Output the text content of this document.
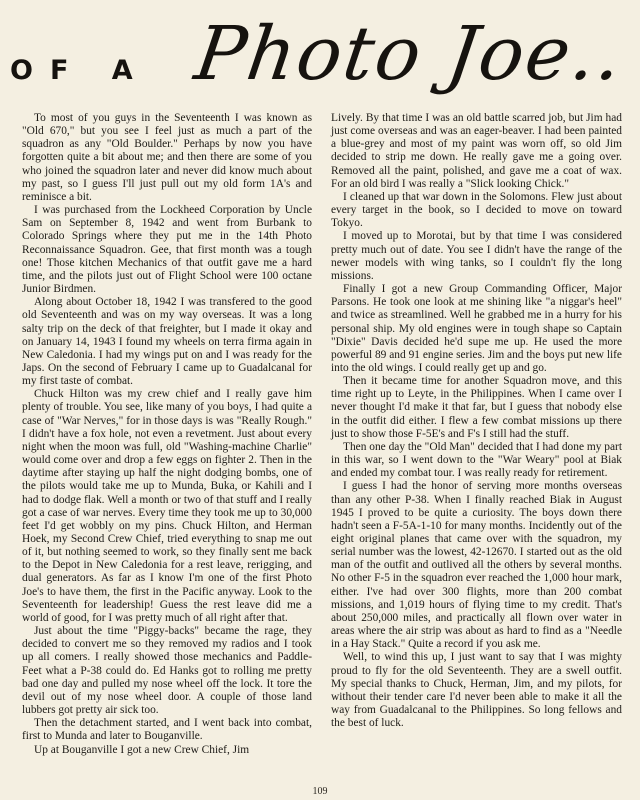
OF A Photo Joe..

To most of you guys in the Seventeenth I was known as "Old 670," but you see I feel just as much a part of the squadron as any "Old Boulder." Perhaps by now you have forgotten quite a bit about me; and then there are some of you who joined the squadron later and never did know much about my past, so I guess I'll just pull out my old form 1A's and reminisce a bit.

I was purchased from the Lockheed Corporation by Uncle Sam on September 8, 1942 and went from Burbank to Colorado Springs where they put me in the 14th Photo Reconnaissance Squadron. Gee, that first month was a tough one! Those kitchen Mechanics of that outfit gave me a hard time, and the pilots just out of Flight School were 100 octane Junior Birdmen.

Along about October 18, 1942 I was transfered to the good old Seventeenth and was on my way overseas. It was a long salty trip on the deck of that freighter, but I made it okay and on January 14, 1943 I found my wheels on terra firma again in New Caledonia. I had my wings put on and I was ready for the Japs. On the second of February I came up to Guadalcanal for my first taste of combat.

Chuck Hilton was my crew chief and I really gave him plenty of trouble. You see, like many of you boys, I had quite a case of "War Nerves," for in those days is was "Really Rough." I didn't have a fox hole, not even a revetment. Just about every night when the moon was full, old "Washing-machine Charlie" would come over and drop a few eggs on fighter 2. Then in the daytime after staying up half the night dodging bombs, one of the pilots would take me up to Munda, Buka, or Kahili and I had to dodge flak. Well a month or two of that stuff and I really got a case of war nerves. Every time they took me up to 30,000 feet I'd get wobbly on my pins. Chuck Hilton, and Herman Hoek, my Second Crew Chief, tried everything to snap me out of it, but nothing seemed to work, so they finally sent me back to the Depot in New Caledonia for a rest leave, rerigging, and dual generators. As far as I know I'm one of the first Photo Joe's to have them, the first in the Pacific anyway. Look to the Seventeenth for leadership! Guess the rest leave did me a world of good, for I was pretty much of all right after that.

Just about the time "Piggy-backs" became the rage, they decided to convert me so they removed my radios and I took up all comers. I really showed those mechanics and Paddle-Feet what a P-38 could do. Ed Hanks got to rolling me pretty bad one day and pulled my nose wheel off the lock. It tore the devil out of my nose wheel door. A couple of those land lubbers got pretty air sick too.

Then the detachment started, and I went back into combat, first to Munda and later to Bouganville.

Up at Bouganville I got a new Crew Chief, Jim

Lively. By that time I was an old battle scarred job, but Jim had just come overseas and was an eager-beaver. I had been painted a blue-grey and most of my paint was worn off, so old Jim decided to strip me down. He really gave me a going over. Removed all the paint, polished, and gave me a coat of wax. For an old bird I was really a "Slick looking Chick."

I cleaned up that war down in the Solomons. Flew just about every target in the book, so I decided to move on toward Tokyo.

I moved up to Morotai, but by that time I was considered pretty much out of date. You see I didn't have the range of the newer models with wing tanks, so I couldn't fly the long missions.

Finally I got a new Group Commanding Officer, Major Parsons. He took one look at me shining like "a niggar's heel" and twice as streamlined. Well he grabbed me in a hurry for his personal ship. My old engines were in tough shape so Captain "Dixie" Davis decided he'd supe me up. He used the more powerful 89 and 91 engine series. Jim and the boys put new life into the old wings. I could really get up and go.

Then it became time for another Squadron move, and this time right up to Leyte, in the Philippines. When I came over I never thought I'd make it that far, but I guess that nobody else in the outfit did either. I flew a few combat missions up there just to show those F-5E's and F's I still had the stuff.

Then one day the "Old Man" decided that I had done my part in this war, so I went down to the "War Weary" pool at Biak and ended my combat tour. I was really ready for retirement.

I guess I had the honor of serving more months overseas than any other P-38. When I finally reached Biak in August 1945 I proved to be quite a curiosity. The boys down there hadn't seen a F-5A-1-10 for many months. Incidently out of the eight original planes that came over with the squadron, my serial number was the lowest, 42-12670. I started out as the old man of the outfit and outlived all the others by several months. No other F-5 in the squadron ever reached the 1,000 hour mark, either. I've had over 300 flights, more than 200 combat missions, and 1,019 hours of flying time to my credit. That's about 250,000 miles, and practically all flown over water in areas where the air strip was about as hard to find as a "Needle in a Hay Stack." Quite a record if you ask me.

Well, to wind this up, I just want to say that I was mighty proud to fly for the old Seventeenth. They are a swell outfit. My special thanks to Chuck, Herman, Jim, and my pilots, for without their tender care I'd never been able to make it all the way from Guadalcanal to the Philippines. So long fellows and the best of luck.

109
